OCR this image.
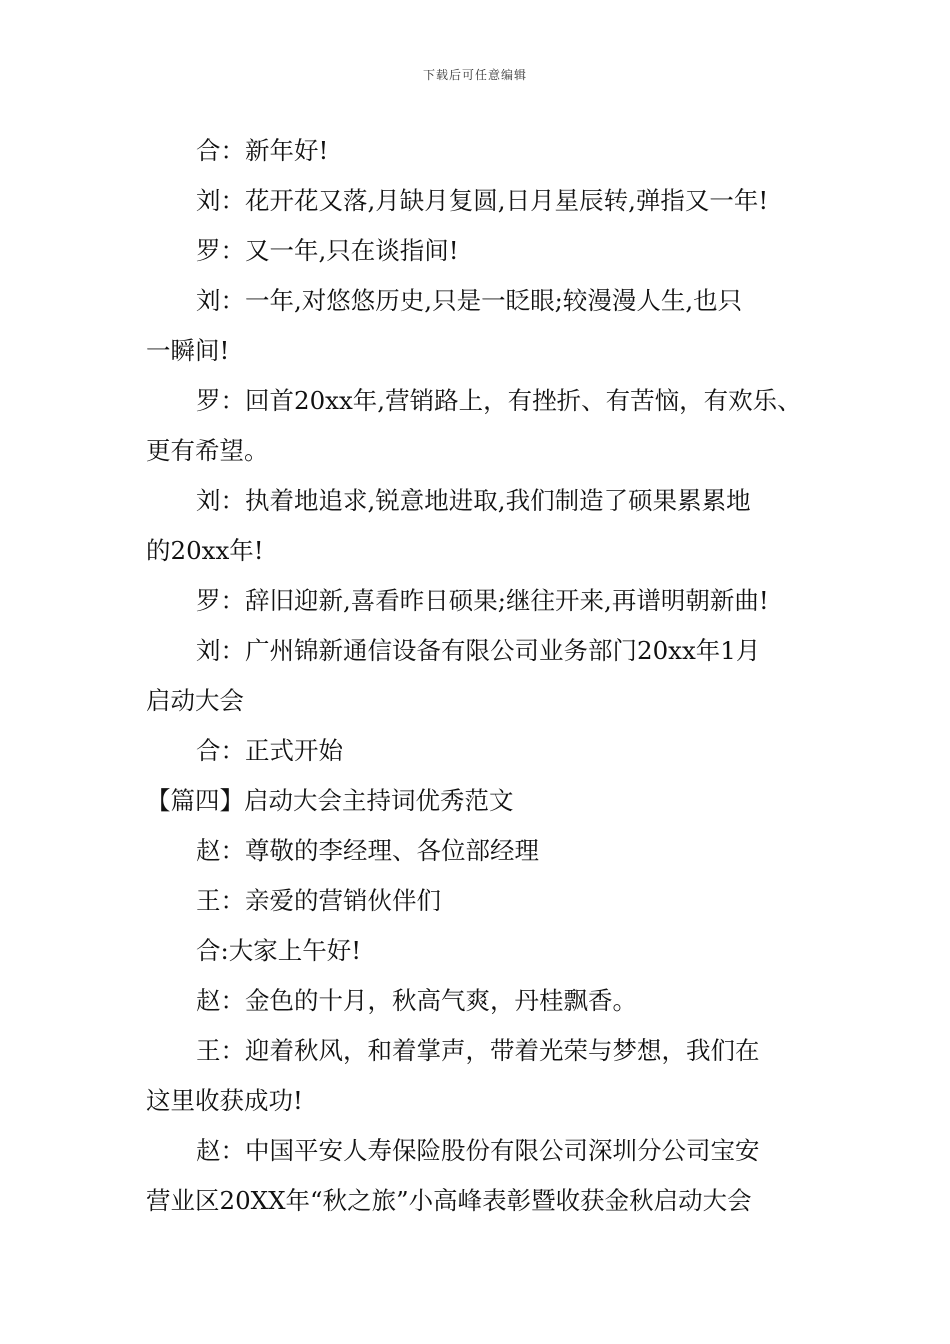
下载后可任意编辑

合：新年好!

刘：花开花又落,月缺月复圆,日月星辰转,弹指又一年!

罗：又一年,只在谈指间!

刘：一年,对悠悠历史,只是一眨眼;较漫漫人生,也只

一瞬间!

罗：回首20xx年,营销路上，有挫折、有苦恼，有欢乐、

更有希望。

刘：执着地追求,锐意地进取,我们制造了硕果累累地

的20xx年!

罗：辞旧迎新,喜看昨日硕果;继往开来,再谱明朝新曲!

刘：广州锦新通信设备有限公司业务部门20xx年1月

启动大会

合：正式开始

【篇四】启动大会主持词优秀范文

赵：尊敬的李经理、各位部经理

王：亲爱的营销伙伴们

合:大家上午好!

赵：金色的十月，秋高气爽，丹桂飘香。

王：迎着秋风，和着掌声，带着光荣与梦想，我们在

这里收获成功!

赵：中国平安人寿保险股份有限公司深圳分公司宝安

营业区20XX年“秋之旅”小高峰表彰暨收获金秋启动大会
